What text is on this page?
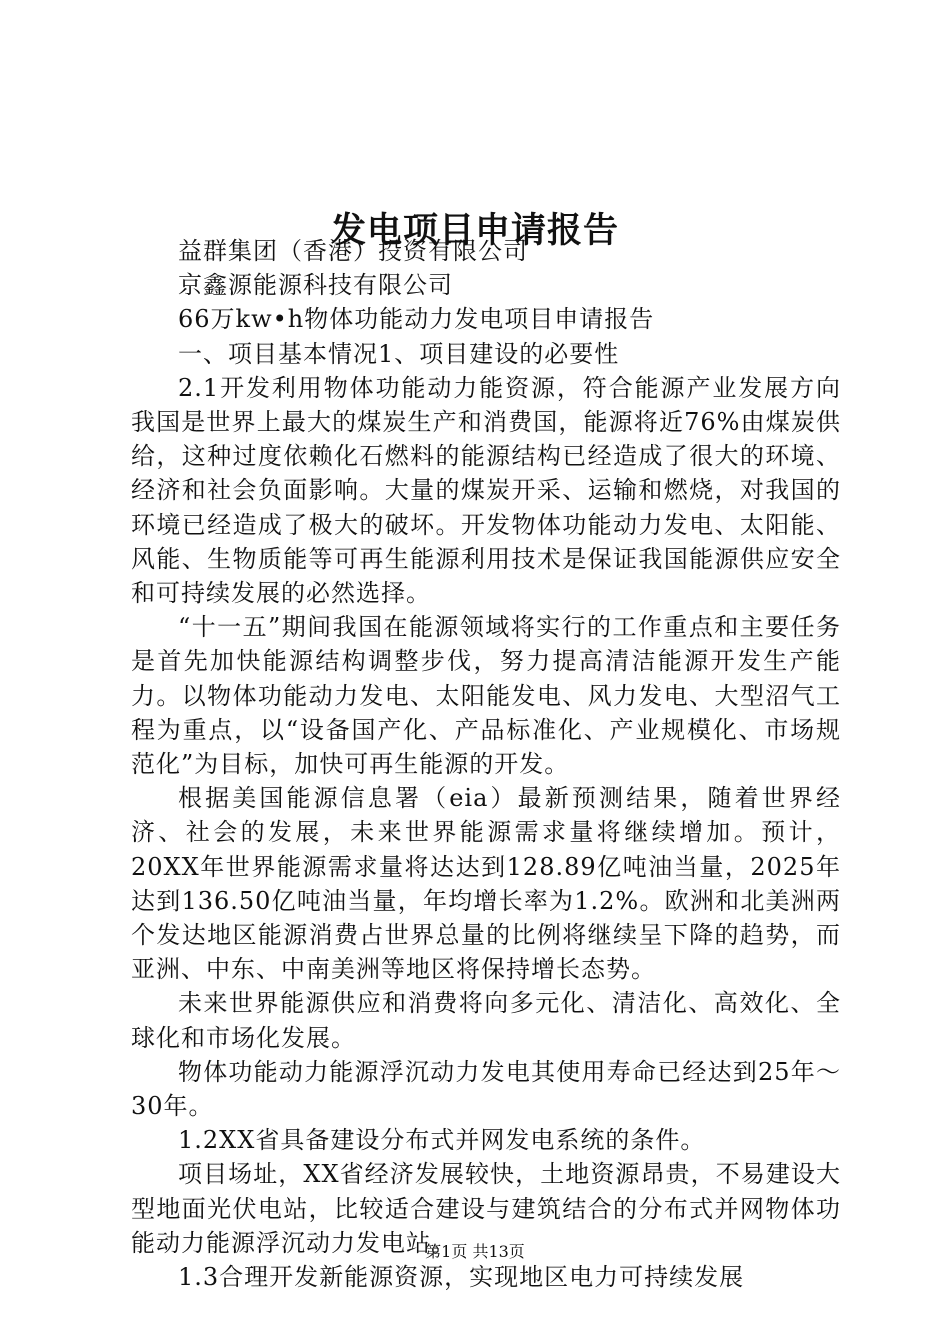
发电项目申请报告

益群集团（香港）投资有限公司

京鑫源能源科技有限公司

66万kw•h物体功能动力发电项目申请报告

一、项目基本情况1、项目建设的必要性

2.1开发利用物体功能动力能资源，符合能源产业发展方向我国是世界上最大的煤炭生产和消费国，能源将近76%由煤炭供给，这种过度依赖化石燃料的能源结构已经造成了很大的环境、经济和社会负面影响。大量的煤炭开采、运输和燃烧，对我国的环境已经造成了极大的破坏。开发物体功能动力发电、太阳能、风能、生物质能等可再生能源利用技术是保证我国能源供应安全和可持续发展的必然选择。

“十一五”期间我国在能源领域将实行的工作重点和主要任务是首先加快能源结构调整步伐，努力提高清洁能源开发生产能力。以物体功能动力发电、太阳能发电、风力发电、大型沼气工程为重点，以“设备国产化、产品标准化、产业规模化、市场规范化”为目标，加快可再生能源的开发。

根据美国能源信息署（eia）最新预测结果，随着世界经济、社会的发展，未来世界能源需求量将继续增加。预计，20XX年世界能源需求量将达达到128.89亿吨油当量，2025年达到136.50亿吨油当量，年均增长率为1.2%。欧洲和北美洲两个发达地区能源消费占世界总量的比例将继续呈下降的趋势，而亚洲、中东、中南美洲等地区将保持增长态势。

未来世界能源供应和消费将向多元化、清洁化、高效化、全球化和市场化发展。

物体功能动力能源浮沉动力发电其使用寿命已经达到25年～30年。

1.2XX省具备建设分布式并网发电系统的条件。

项目场址，XX省经济发展较快，土地资源昂贵，不易建设大型地面光伏电站，比较适合建设与建筑结合的分布式并网物体功能动力能源浮沉动力发电站。

1.3合理开发新能源资源，实现地区电力可持续发展

第1页 共13页
